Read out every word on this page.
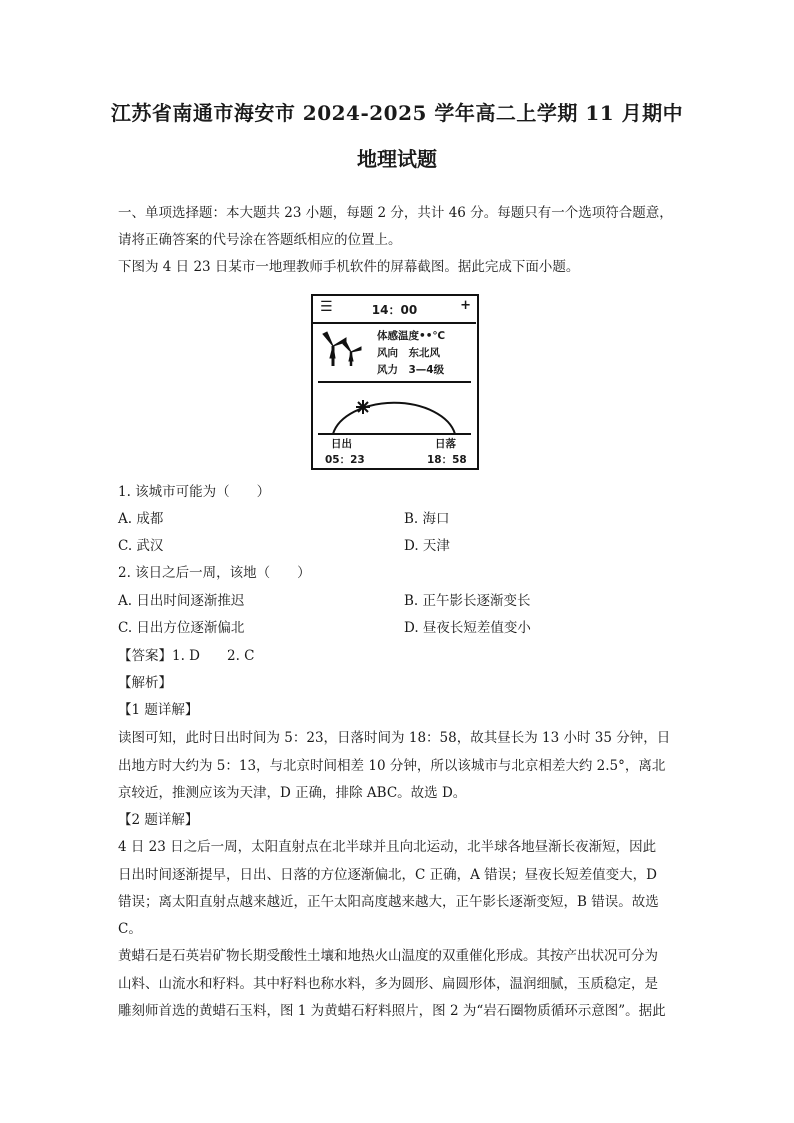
江苏省南通市海安市 2024-2025 学年高二上学期 11 月期中
地理试题
一、单项选择题：本大题共 23 小题，每题 2 分，共计 46 分。每题只有一个选项符合题意，
请将正确答案的代号涂在答题纸相应的位置上。
下图为 4 日 23 日某市一地理教师手机软件的屏幕截图。据此完成下面小题。
☰	14：00	+
体感温度••℃
风向　东北风
风力　3—4级
日出
05：23
日落
18：58
1. 该城市可能为（　　）
A. 成都	B. 海口
C. 武汉	D. 天津
2. 该日之后一周，该地（　　）
A. 日出时间逐渐推迟	B. 正午影长逐渐变长
C. 日出方位逐渐偏北	D. 昼夜长短差值变小
【答案】1. D　　2. C
【解析】
【1 题详解】
读图可知，此时日出时间为 5：23，日落时间为 18：58，故其昼长为 13 小时 35 分钟，日
出地方时大约为 5：13，与北京时间相差 10 分钟，所以该城市与北京相差大约 2.5°，离北
京较近，推测应该为天津，D 正确，排除 ABC。故选 D。
【2 题详解】
4 日 23 日之后一周，太阳直射点在北半球并且向北运动，北半球各地昼渐长夜渐短，因此
日出时间逐渐提早，日出、日落的方位逐渐偏北，C 正确，A 错误；昼夜长短差值变大，D
错误；离太阳直射点越来越近，正午太阳高度越来越大，正午影长逐渐变短，B 错误。故选
C。
黄蜡石是石英岩矿物长期受酸性土壤和地热火山温度的双重催化形成。其按产出状况可分为
山料、山流水和籽料。其中籽料也称水料，多为圆形、扁圆形体，温润细腻，玉质稳定，是
雕刻师首选的黄蜡石玉料，图 1 为黄蜡石籽料照片，图 2 为“岩石圈物质循环示意图”。据此
